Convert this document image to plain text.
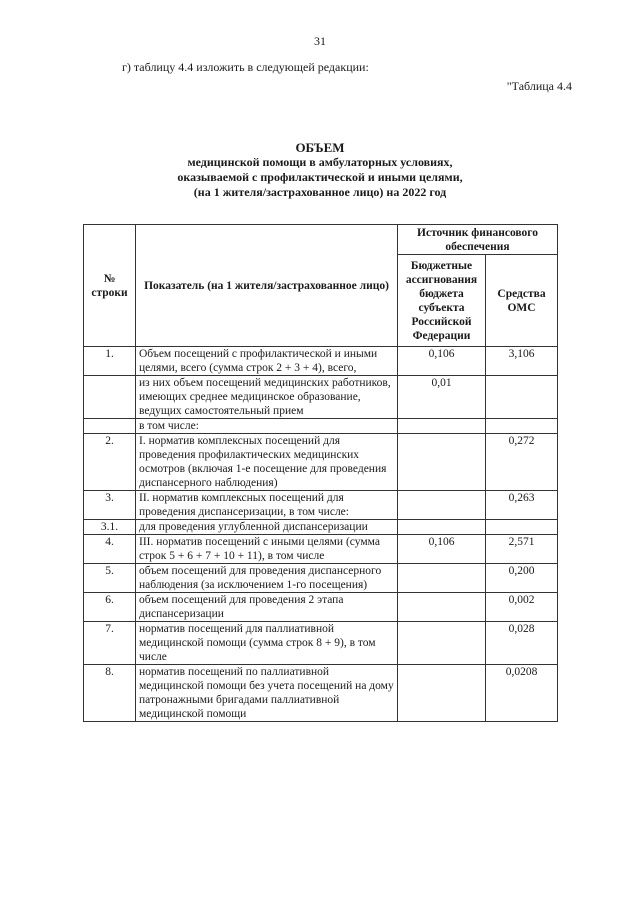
31
г) таблицу 4.4 изложить в следующей редакции:
"Таблица 4.4
ОБЪЕМ
медицинской помощи в амбулаторных условиях,
оказываемой с профилактической и иными целями,
(на 1 жителя/застрахованное лицо) на 2022 год
№ строки	Показатель (на 1 жителя/застрахованное лицо)	Источник финансового обеспечения	
		Бюджетные ассигнования бюджета субъекта Российской Федерации	Средства ОМС
1.	Объем посещений с профилактической и иными целями, всего (сумма строк 2 + 3 + 4), всего,	0,106	3,106
	из них объем посещений медицинских работников, имеющих среднее медицинское образование, ведущих самостоятельный прием	0,01	
	в том числе:		
2.	I. норматив комплексных посещений для проведения профилактических медицинских осмотров (включая 1-е посещение для проведения диспансерного наблюдения)		0,272
3.	II. норматив комплексных посещений для проведения диспансеризации, в том числе:		0,263
3.1.	для проведения углубленной диспансеризации		
4.	III. норматив посещений с иными целями (сумма строк 5 + 6 + 7 + 10 + 11), в том числе	0,106	2,571
5.	объем посещений для проведения диспансерного наблюдения (за исключением 1-го посещения)		0,200
6.	объем посещений для проведения 2 этапа диспансеризации		0,002
7.	норматив посещений для паллиативной медицинской помощи (сумма строк 8 + 9), в том числе		0,028
8.	норматив посещений по паллиативной медицинской помощи без учета посещений на дому патронажными бригадами паллиативной медицинской помощи		0,0208
